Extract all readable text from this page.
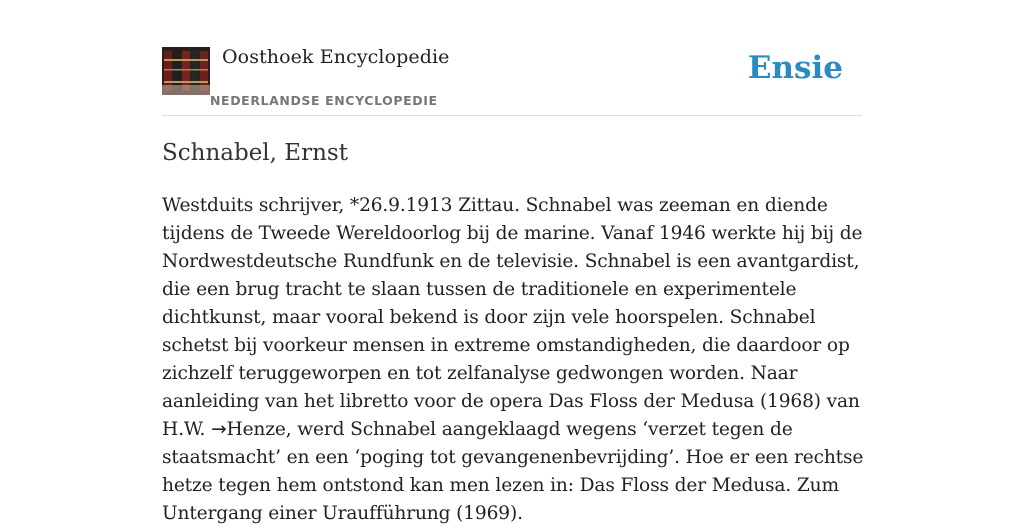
Oosthoek Encyclopedie
NEDERLANDSE ENCYCLOPEDIE
Ensie
Schnabel, Ernst

Westduits schrijver, *26.9.1913 Zittau. Schnabel was zeeman en diende tijdens de Tweede Wereldoorlog bij de marine. Vanaf 1946 werkte hij bij de Nordwestdeutsche Rundfunk en de televisie. Schnabel is een avantgardist, die een brug tracht te slaan tussen de traditionele en experimentele dichtkunst, maar vooral bekend is door zijn vele hoorspelen. Schnabel schetst bij voorkeur mensen in extreme omstandigheden, die daardoor op zichzelf teruggeworpen en tot zelfanalyse gedwongen worden. Naar aanleiding van het libretto voor de opera Das Floss der Medusa (1968) van H.W. →Henze, werd Schnabel aangeklaagd wegens ‘verzet tegen de staatsmacht’ en een ‘poging tot gevangenenbevrijding’. Hoe er een rechtse hetze tegen hem ontstond kan men lezen in: Das Floss der Medusa. Zum Untergang einer Uraufführung (1969).
